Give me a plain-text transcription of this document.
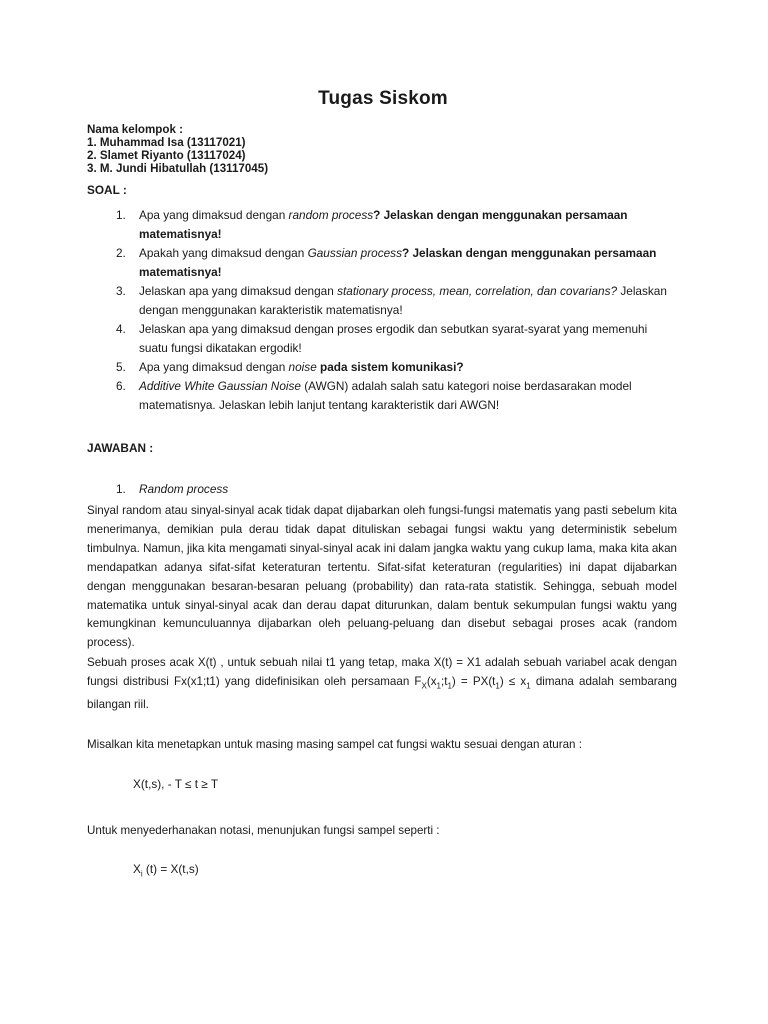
Tugas Siskom
Nama kelompok :
1. Muhammad Isa (13117021)
2. Slamet Riyanto (13117024)
3. M. Jundi Hibatullah (13117045)
SOAL :
1. Apa yang dimaksud dengan random process? Jelaskan dengan menggunakan persamaan matematisnya!
2. Apakah yang dimaksud dengan Gaussian process? Jelaskan dengan menggunakan persamaan matematisnya!
3. Jelaskan apa yang dimaksud dengan stationary process, mean, correlation, dan covarians? Jelaskan dengan menggunakan karakteristik matematisnya!
4. Jelaskan apa yang dimaksud dengan proses ergodik dan sebutkan syarat-syarat yang memenuhi suatu fungsi dikatakan ergodik!
5. Apa yang dimaksud dengan noise pada sistem komunikasi?
6. Additive White Gaussian Noise (AWGN) adalah salah satu kategori noise berdasarakan model matematisnya. Jelaskan lebih lanjut tentang karakteristik dari AWGN!
JAWABAN :
1. Random process
Sinyal random atau sinyal-sinyal acak tidak dapat dijabarkan oleh fungsi-fungsi matematis yang pasti sebelum kita menerimanya, demikian pula derau tidak dapat dituliskan sebagai fungsi waktu yang deterministik sebelum timbulnya. Namun, jika kita mengamati sinyal-sinyal acak ini dalam jangka waktu yang cukup lama, maka kita akan mendapatkan adanya sifat-sifat keteraturan tertentu. Sifat-sifat keteraturan (regularities) ini dapat dijabarkan dengan menggunakan besaran-besaran peluang (probability) dan rata-rata statistik. Sehingga, sebuah model matematika untuk sinyal-sinyal acak dan derau dapat diturunkan, dalam bentuk sekumpulan fungsi waktu yang kemungkinan kemunculuannya dijabarkan oleh peluang-peluang dan disebut sebagai proses acak (random process).
Sebuah proses acak X(t) , untuk sebuah nilai t1 yang tetap, maka X(t) = X1 adalah sebuah variabel acak dengan fungsi distribusi Fx(x1;t1) yang didefinisikan oleh persamaan $F_X(x_1;t_1) = PX(t_1) \le x_1$ dimana adalah sembarang bilangan riil.
Misalkan kita menetapkan untuk masing masing sampel cat fungsi waktu sesuai dengan aturan :
X(t,s), - T ≤ t ≥ T
Untuk menyederhanakan notasi, menunjukan fungsi sampel seperti :
$X_i$ (t) = X(t,s)
